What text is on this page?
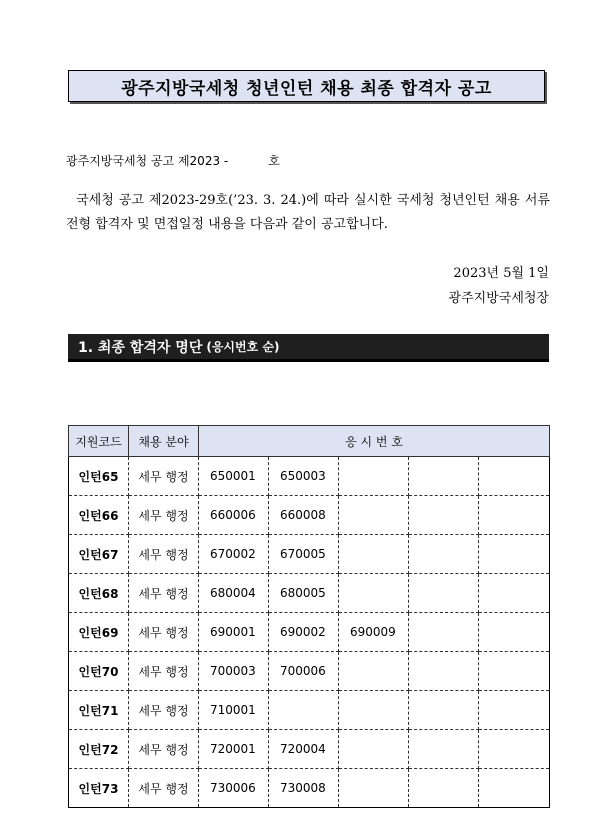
광주지방국세청 청년인턴 채용 최종 합격자 공고
광주지방국세청 공고 제2023 -	호
국세청 공고 제2023-29호(’23. 3. 24.)에 따라 실시한 국세청 청년인턴 채용 서류전형 합격자 및 면접일정 내용을 다음과 같이 공고합니다.
2023년 5월 1일
광주지방국세청장
1. 최종 합격자 명단 (응시번호 순)
지원코드	채용 분야	응 시 번 호				
인턴65	세무 행정	650001	650003			
인턴66	세무 행정	660006	660008			
인턴67	세무 행정	670002	670005			
인턴68	세무 행정	680004	680005			
인턴69	세무 행정	690001	690002	690009		
인턴70	세무 행정	700003	700006			
인턴71	세무 행정	710001				
인턴72	세무 행정	720001	720004			
인턴73	세무 행정	730006	730008			
